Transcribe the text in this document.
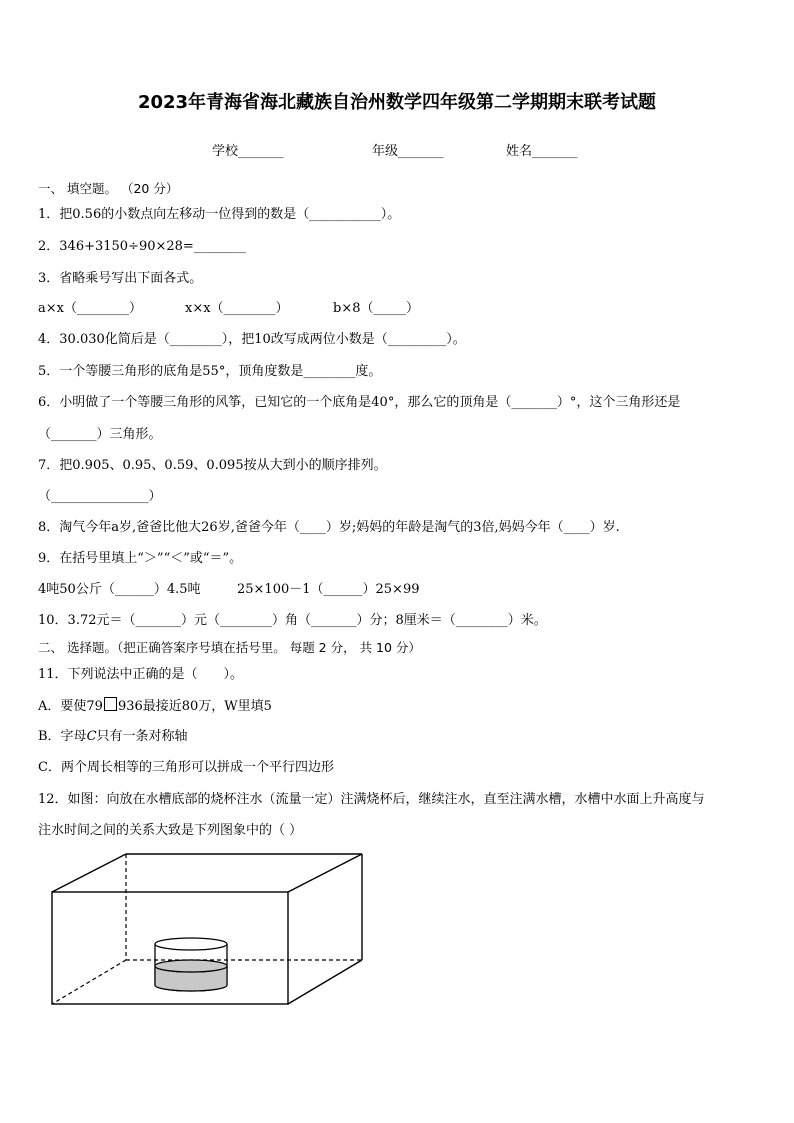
2023年青海省海北藏族自治州数学四年级第二学期期末联考试题
学校_______	年级_______	姓名_______
一、 填空题。 （20 分）
1．把0.56的小数点向左移动一位得到的数是（___________）。
2．346+3150÷90×28=________
3．省略乘号写出下面各式。
a×x（________）	x×x（________）	b×8（_____）
4．30.030化简后是（________），把10改写成两位小数是（_________）。
5．一个等腰三角形的底角是55°，顶角度数是________度。
6．小明做了一个等腰三角形的风筝，已知它的一个底角是40°，那么它的顶角是（_______）°，这个三角形还是
（_______）三角形。
7．把0.905、0.95、0.59、0.095按从大到小的顺序排列。
（_______________）
8．淘气今年a岁,爸爸比他大26岁,爸爸今年（____）岁;妈妈的年龄是淘气的3倍,妈妈今年（____）岁.
9．在括号里填上“＞”“＜”或“＝”。
4吨50公斤（______）4.5吨	25×100－1（______）25×99
10．3.72元＝（_______）元（________）角（_______）分；8厘米＝（________）米。
二、 选择题。（把正确答案序号填在括号里。 每题 2 分， 共 10 分）
11．下列说法中正确的是（　　）。
A．要使79 936最接近80万，W里填5
B．字母C只有一条对称轴
C．两个周长相等的三角形可以拼成一个平行四边形
12．如图：向放在水槽底部的烧杯注水（流量一定）注满烧杯后，继续注水，直至注满水槽，水槽中水面上升高度与
注水时间之间的关系大致是下列图象中的（ ）
